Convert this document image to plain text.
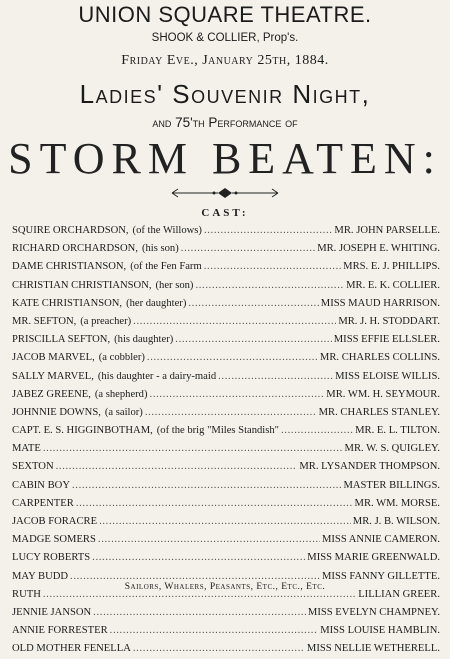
UNION SQUARE THEATRE.
SHOOK & COLLIER, Prop's.
Friday Eve., January 25th, 1884.
Ladies' Souvenir Night,
and 75'th Performance of
STORM BEATEN:
CAST:
SQUIRE ORCHARDSON, (of the Willows) . . .	MR. JOHN PARSELLE.
RICHARD ORCHARDSON, (his son) . . .	MR. JOSEPH E. WHITING.
DAME CHRISTIANSON, (of the Fen Farm . . .	MRS. E. J. PHILLIPS.
CHRISTIAN CHRISTIANSON, (her son) . . .	MR. E. K. COLLIER.
KATE CHRISTIANSON, (her daughter) . . .	MISS MAUD HARRISON.
MR. SEFTON, (a preacher) . . .	MR. J. H. STODDART.
PRISCILLA SEFTON, (his daughter) . . .	MISS EFFIE ELLSLER.
JACOB MARVEL, (a cobbler) . . .	MR. CHARLES COLLINS.
SALLY MARVEL, (his daughter - a dairy-maid . . .	MISS ELOISE WILLIS.
JABEZ GREENE, (a shepherd) . . .	MR. WM. H. SEYMOUR.
JOHNNIE DOWNS, (a sailor) . . .	MR. CHARLES STANLEY.
CAPT. E. S. HIGGINBOTHAM, (of the brig "Miles Standish" . . .	MR. E. L. TILTON.
MATE . . .	MR. W. S. QUIGLEY.
SEXTON . . .	MR. LYSANDER THOMPSON.
CABIN BOY . . .	MASTER BILLINGS.
CARPENTER . . .	MR. WM. MORSE.
JACOB FORACRE . . .	MR. J. B. WILSON.
MADGE SOMERS . . .	MISS ANNIE CAMERON.
LUCY ROBERTS . . .	MISS MARIE GREENWALD.
MAY BUDD . . .	MISS FANNY GILLETTE.
RUTH . . .	LILLIAN GREER.
JENNIE JANSON . . .	MISS EVELYN CHAMPNEY.
ANNIE FORRESTER . . .	MISS LOUISE HAMBLIN.
OLD MOTHER FENELLA . . .	MISS NELLIE WETHERELL.
Sailors, Whalers, Peasants, Etc., Etc., Etc.
